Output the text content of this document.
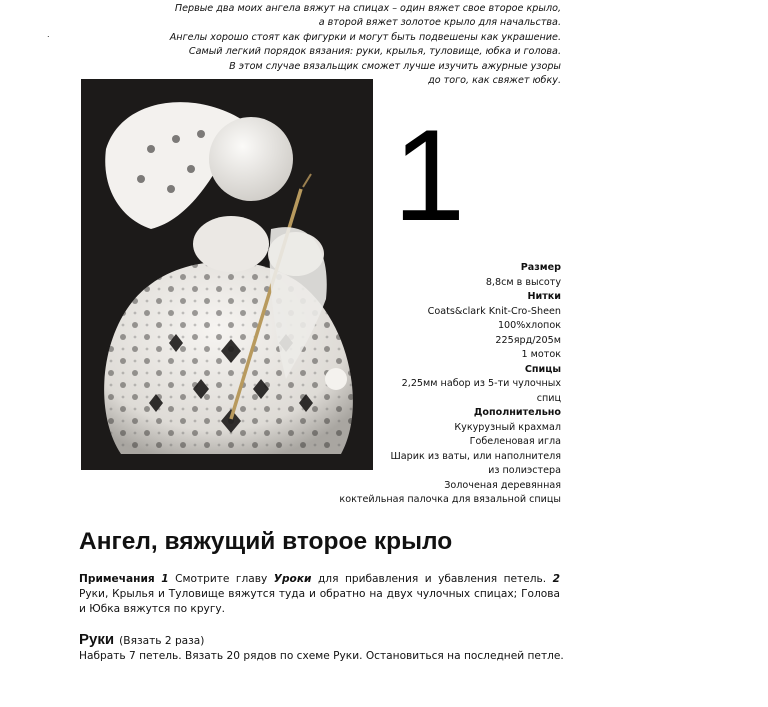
Первые два моих ангела вяжут на спицах – один вяжет свое второе крыло,
а второй вяжет золотое крыло для начальства.
Ангелы хорошо стоят как фигурки и могут быть подвешены как украшение.
Самый легкий порядок вязания: руки, крылья, туловище, юбка и голова.
В этом случае вязальщик сможет лучше изучить ажурные узоры
до того, как свяжет юбку.
.
1
Размер
8,8см в высоту
Нитки
Coats&clark Knit-Cro-Sheen
100%хлопок
225ярд/205м
1 моток
Спицы
2,25мм набор из 5-ти чулочных
спиц
Дополнительно
Кукурузный крахмал
Гобеленовая игла
Шарик из ваты, или наполнителя
из полиэстера
Золоченая деревянная
коктейльная палочка для вязальной спицы
Ангел, вяжущий второе крыло
Примечания 1 Смотрите главу Уроки для прибавления и убавления петель. 2 Руки, Крылья и Туловище вяжутся туда и обратно на двух чулочных спицах; Голова и Юбка вяжутся по кругу.
Руки (Вязать 2 раза)
Набрать 7 петель. Вязать 20 рядов по схеме Руки. Остановиться на последней петле.
